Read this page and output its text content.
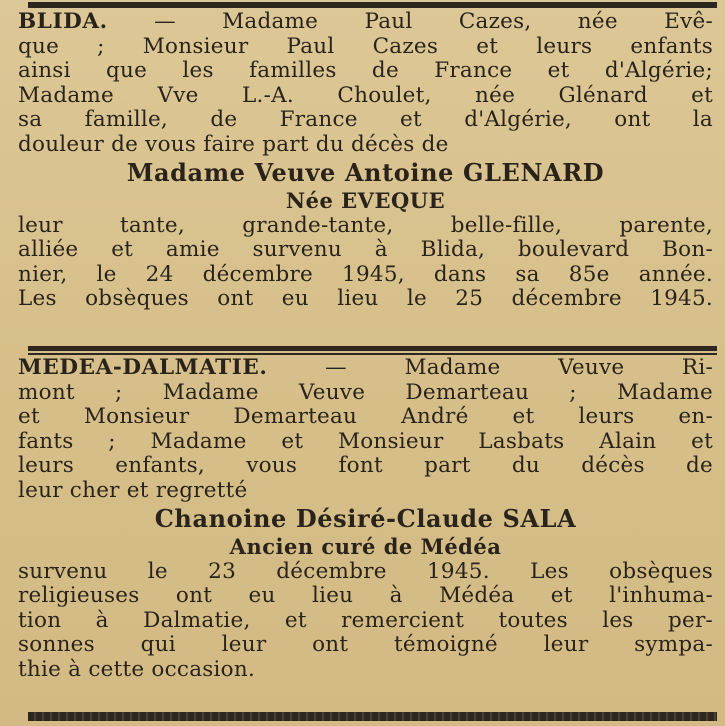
BLIDA. — Madame Paul Cazes, née Evê-
que ; Monsieur Paul Cazes et leurs enfants
ainsi que les familles de France et d'Algérie;
Madame Vve L.-A. Choulet, née Glénard et
sa famille, de France et d'Algérie, ont la
douleur de vous faire part du décès de
Madame Veuve Antoine GLENARD
Née EVEQUE
leur tante, grande-tante, belle-fille, parente,
alliée et amie survenu à Blida, boulevard Bon-
nier, le 24 décembre 1945, dans sa 85e année.
Les obsèques ont eu lieu le 25 décembre 1945.
MEDEA-DALMATIE. — Madame Veuve Ri-
mont ; Madame Veuve Demarteau ; Madame
et Monsieur Demarteau André et leurs en-
fants ; Madame et Monsieur Lasbats Alain et
leurs enfants, vous font part du décès de
leur cher et regretté
Chanoine Désiré-Claude SALA
Ancien curé de Médéa
survenu le 23 décembre 1945. Les obsèques
religieuses ont eu lieu à Médéa et l'inhuma-
tion à Dalmatie, et remercient toutes les per-
sonnes qui leur ont témoigné leur sympa-
thie à cette occasion.
